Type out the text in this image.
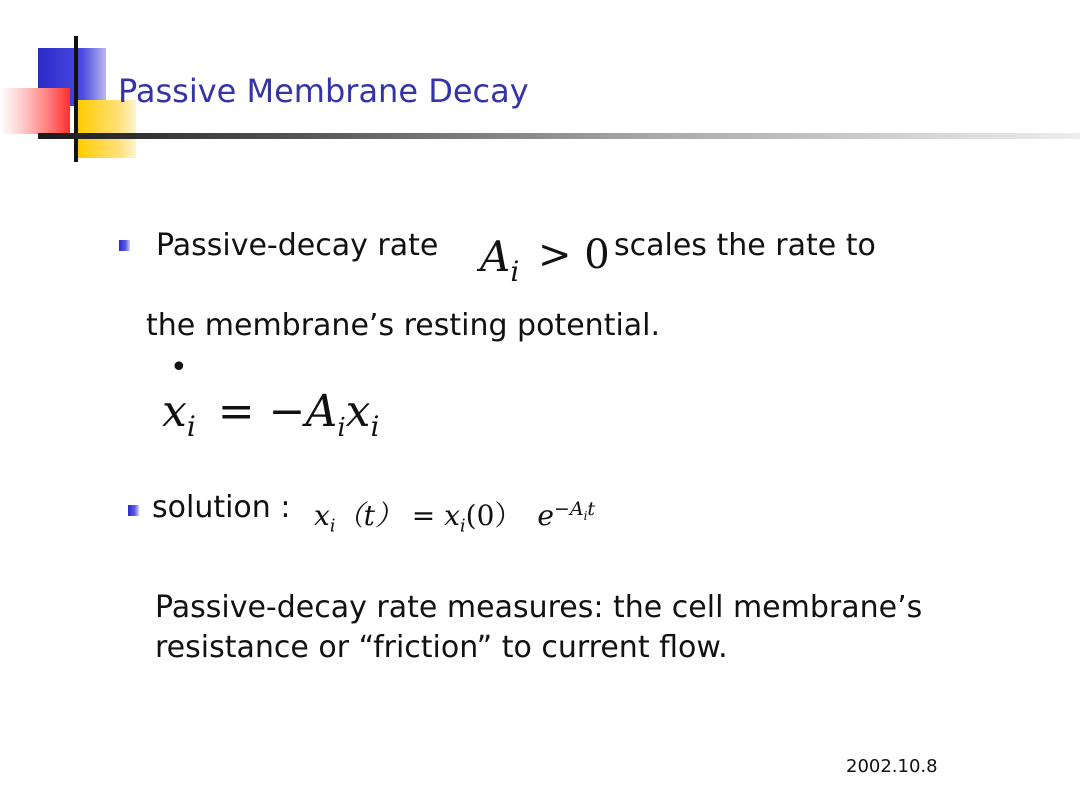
Passive Membrane Decay
Passive-decay rate $A_i > 0$ scales the rate to
the membrane’s resting potential.
•
$x_i = -A_ix_i$
solution : $x_i(t) = x_i(0)$ $e^{-A_it}$
Passive-decay rate measures: the cell membrane’s
resistance or “friction” to current flow.
2002.10.8
